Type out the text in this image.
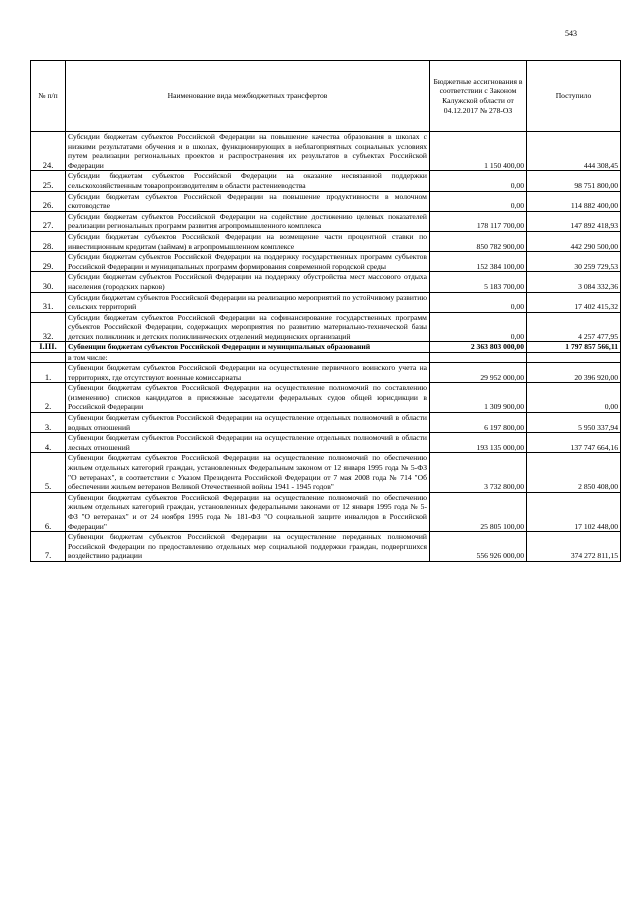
543
№ п/п	Наименование вида межбюджетных трансфертов	Бюджетные ассигнования в соответствии с Законом Калужской области от 04.12.2017 № 278-ОЗ	Поступило
24.	Субсидии бюджетам субъектов Российской Федерации на повышение качества образования в школах с низкими результатами обучения и в школах, функционирующих в неблагоприятных социальных условиях путем реализации региональных проектов и распространения их результатов в субъектах Российской Федерации	1 150 400,00	444 308,45
25.	Субсидии бюджетам субъектов Российской Федерации на оказание несвязанной поддержки сельскохозяйственным товаропроизводителям в области растениеводства	0,00	98 751 800,00
26.	Субсидии бюджетам субъектов Российской Федерации на повышение продуктивности в молочном скотоводстве	0,00	114 882 400,00
27.	Субсидии бюджетам субъектов Российской Федерации на содействие достижению целевых показателей реализации региональных программ развития агропромышленного комплекса	178 117 700,00	147 892 418,93
28.	Субсидии бюджетам субъектов Российской Федерации на возмещение части процентной ставки по инвестиционным кредитам (займам) в агропромышленном комплексе	850 782 900,00	442 290 500,00
29.	Субсидии бюджетам субъектов Российской Федерации на поддержку государственных программ субъектов Российской Федерации и муниципальных программ формирования современной городской среды	152 384 100,00	30 259 729,53
30.	Субсидии бюджетам субъектов Российской Федерации на поддержку обустройства мест массового отдыха населения (городских парков)	5 183 700,00	3 084 332,36
31.	Субсидии бюджетам субъектов Российской Федерации на реализацию мероприятий по устойчивому развитию сельских территорий	0,00	17 402 415,32
32.	Субсидии бюджетам субъектов Российской Федерации на софинансирование государственных программ субъектов Российской Федерации, содержащих мероприятия по развитию материально-технической базы детских поликлиник и детских поликлинических отделений медицинских организаций	0,00	4 257 477,95
I.III.	Субвенции бюджетам субъектов Российской Федерации и муниципальных образований	2 363 803 000,00	1 797 857 566,11
	в том числе:		
1.	Субвенции бюджетам субъектов Российской Федерации на осуществление первичного воинского учета на территориях, где отсутствуют военные комиссариаты	29 952 000,00	20 396 920,00
2.	Субвенции бюджетам субъектов Российской Федерации на осуществление полномочий по составлению (изменению) списков кандидатов в присяжные заседатели федеральных судов общей юрисдикции в Российской Федерации	1 309 900,00	0,00
3.	Субвенции бюджетам субъектов Российской Федерации на осуществление отдельных полномочий в области водных отношений	6 197 800,00	5 950 337,94
4.	Субвенции бюджетам субъектов Российской Федерации на осуществление отдельных полномочий в области лесных отношений	193 135 000,00	137 747 664,16
5.	Субвенции бюджетам субъектов Российской Федерации на осуществление полномочий по обеспечению жильем отдельных категорий граждан, установленных Федеральным законом от 12 января 1995 года № 5-ФЗ "О ветеранах", в соответствии с Указом Президента Российской Федерации от 7 мая 2008 года № 714 "Об обеспечении жильем ветеранов Великой Отечественной войны 1941 - 1945 годов"	3 732 800,00	2 850 408,00
6.	Субвенции бюджетам субъектов Российской Федерации на осуществление полномочий по обеспечению жильем отдельных категорий граждан, установленных федеральными законами от 12 января 1995 года № 5-ФЗ "О ветеранах" и от 24 ноября 1995 года № 181-ФЗ "О социальной защите инвалидов в Российской Федерации"	25 805 100,00	17 102 448,00
7.	Субвенции бюджетам субъектов Российской Федерации на осуществление переданных полномочий Российской Федерации по предоставлению отдельных мер социальной поддержки граждан, подвергшихся воздействию радиации	556 926 000,00	374 272 811,15
